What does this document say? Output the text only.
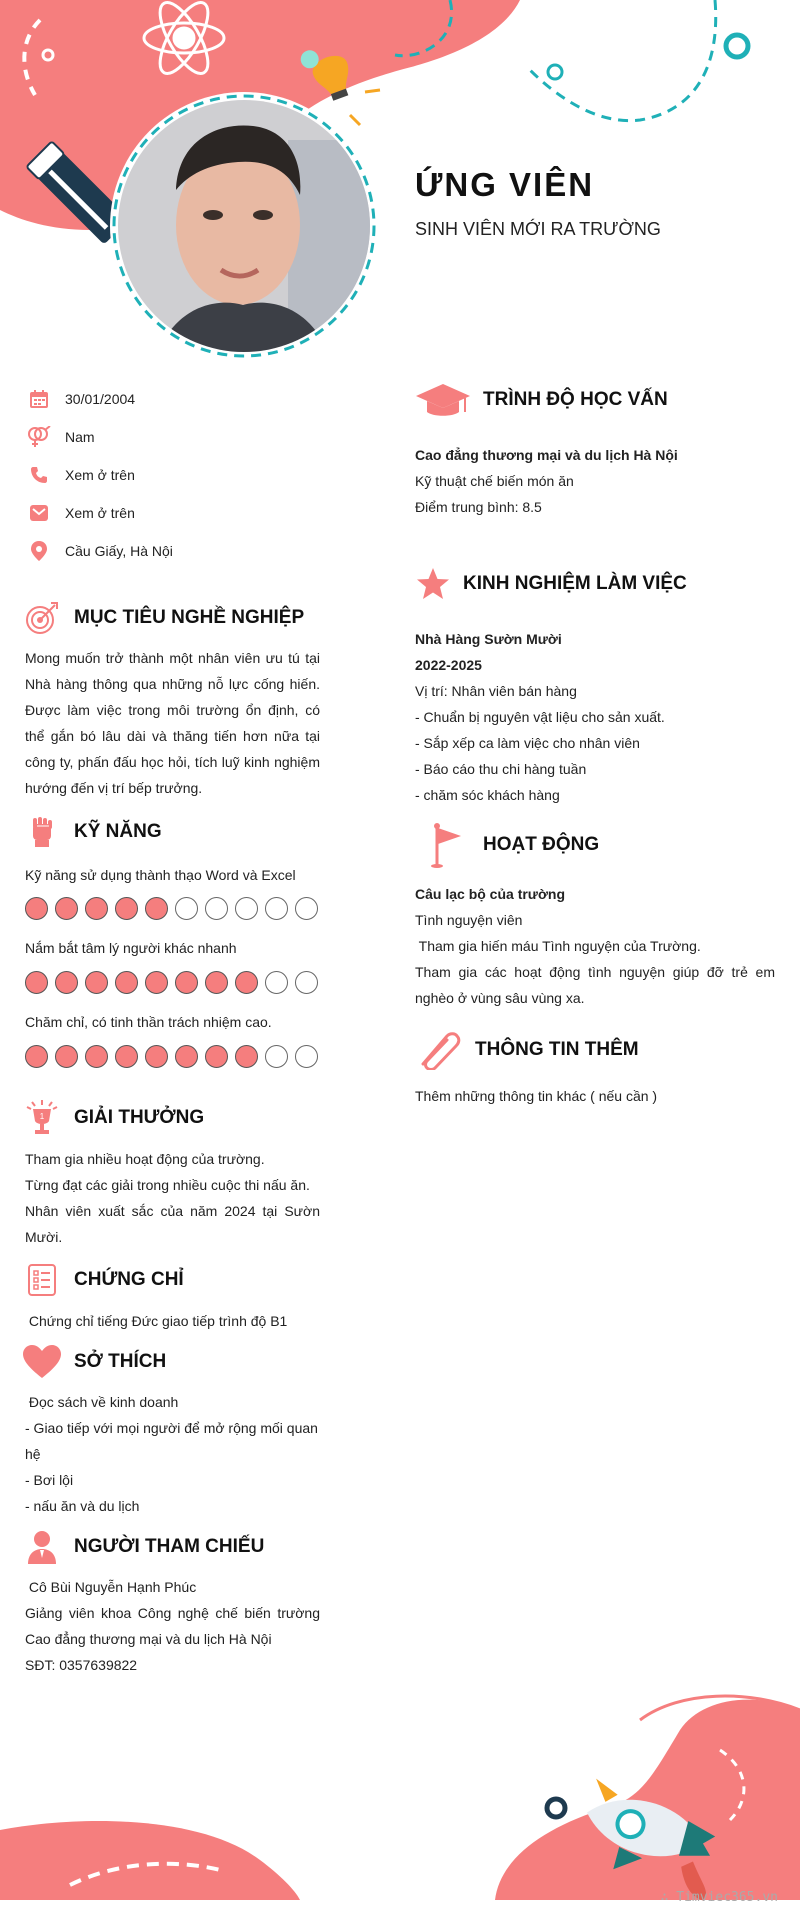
ỨNG VIÊN
SINH VIÊN MỚI RA TRƯỜNG
30/01/2004
Nam
Xem ở trên
Xem ở trên
Cầu Giấy, Hà Nội
MỤC TIÊU NGHỀ NGHIỆP
Mong muốn trở thành một nhân viên ưu tú tại Nhà hàng thông qua những nỗ lực cống hiến. Được làm việc trong môi trường ổn định, có thể gắn bó lâu dài và thăng tiến hơn nữa tại công ty, phấn đấu học hỏi, tích luỹ kinh nghiệm hướng đến vị trí bếp trưởng.
KỸ NĂNG
Kỹ năng sử dụng thành thạo Word và Excel
Nắm bắt tâm lý người khác nhanh
Chăm chỉ, có tinh thần trách nhiệm cao.
1 GIẢI THƯỞNG

Tham gia nhiều hoạt động của trường.

Từng đạt các giải trong nhiều cuộc thi nấu ăn.

Nhân viên xuất sắc của năm 2024 tại Sườn Mười.

CHỨNG CHỈ
Chứng chỉ tiếng Đức giao tiếp trình độ B1
SỞ THÍCH

Đọc sách về kinh doanh

- Giao tiếp với mọi người để mở rộng mối quan hệ

- Bơi lội

- nấu ăn và du lịch

NGƯỜI THAM CHIẾU

Cô Bùi Nguyễn Hạnh Phúc

Giảng viên khoa Công nghệ chế biến trường Cao đẳng thương mại và du lịch Hà Nội

SĐT: 0357639822

TRÌNH ĐỘ HỌC VẤN

Cao đẳng thương mại và du lịch Hà Nội

Kỹ thuật chế biến món ăn

Điểm trung bình: 8.5

KINH NGHIỆM LÀM VIỆC

Nhà Hàng Sườn Mười

2022-2025

Vị trí: Nhân viên bán hàng

- Chuẩn bị nguyên vật liệu cho sản xuất.

- Sắp xếp ca làm việc cho nhân viên

- Báo cáo thu chi hàng tuần

- chăm sóc khách hàng

HOẠT ĐỘNG

Câu lạc bộ của trường

Tình nguyện viên

Tham gia hiến máu Tình nguyện của Trường.

Tham gia các hoạt động tình nguyện giúp đỡ trẻ em nghèo ở vùng sâu vùng xa.

THÔNG TIN THÊM
Thêm những thông tin khác ( nếu cần )
∴ Timviec365.vn
